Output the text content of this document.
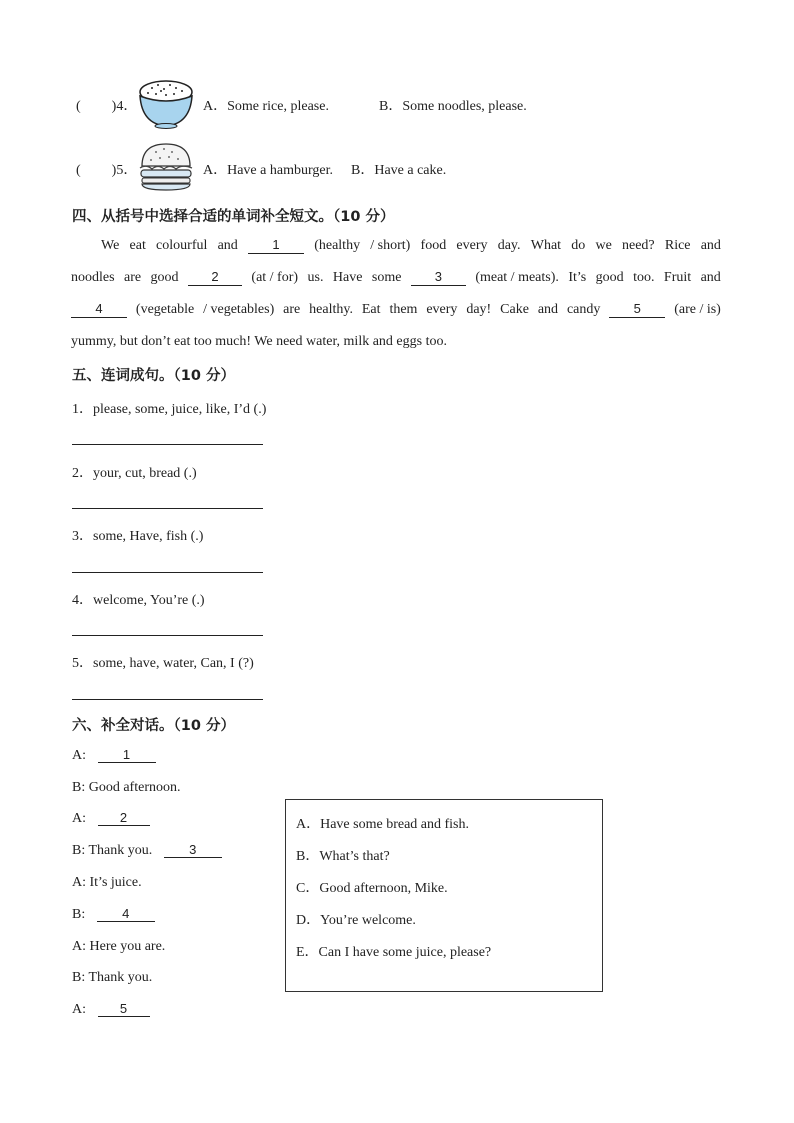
( )4．	A．Some rice, please.	B．Some noodles, please.
( )5．	A．Have a hamburger. B．Have a cake.
四、从括号中选择合适的单词补全短文。（10 分）
We eat colourful and	1	(healthy / short) food every day. What do we need? Rice and
noodles are good	2	(at / for) us. Have some	3	(meat / meats). It’s good too. Fruit and
4	(vegetable / vegetables) are healthy. Eat them every day! Cake and candy	5	(are / is)
yummy, but don’t eat too much! We need water, milk and eggs too.
五、连词成句。（10 分）
1．please, some, juice, like, I’d (.)
2．your, cut, bread (.)
3．some, Have, fish (.)
4．welcome, You’re (.)
5．some, have, water, Can, I (?)
六、补全对话。（10 分）
A:	1
B: Good afternoon.
A:	2
B: Thank you.	3
A: It’s juice.
B:	4
A: Here you are.
B: Thank you.
A:	5
A．Have some bread and fish.
B．What’s that?
C．Good afternoon, Mike.
D．You’re welcome.
E．Can I have some juice, please?
